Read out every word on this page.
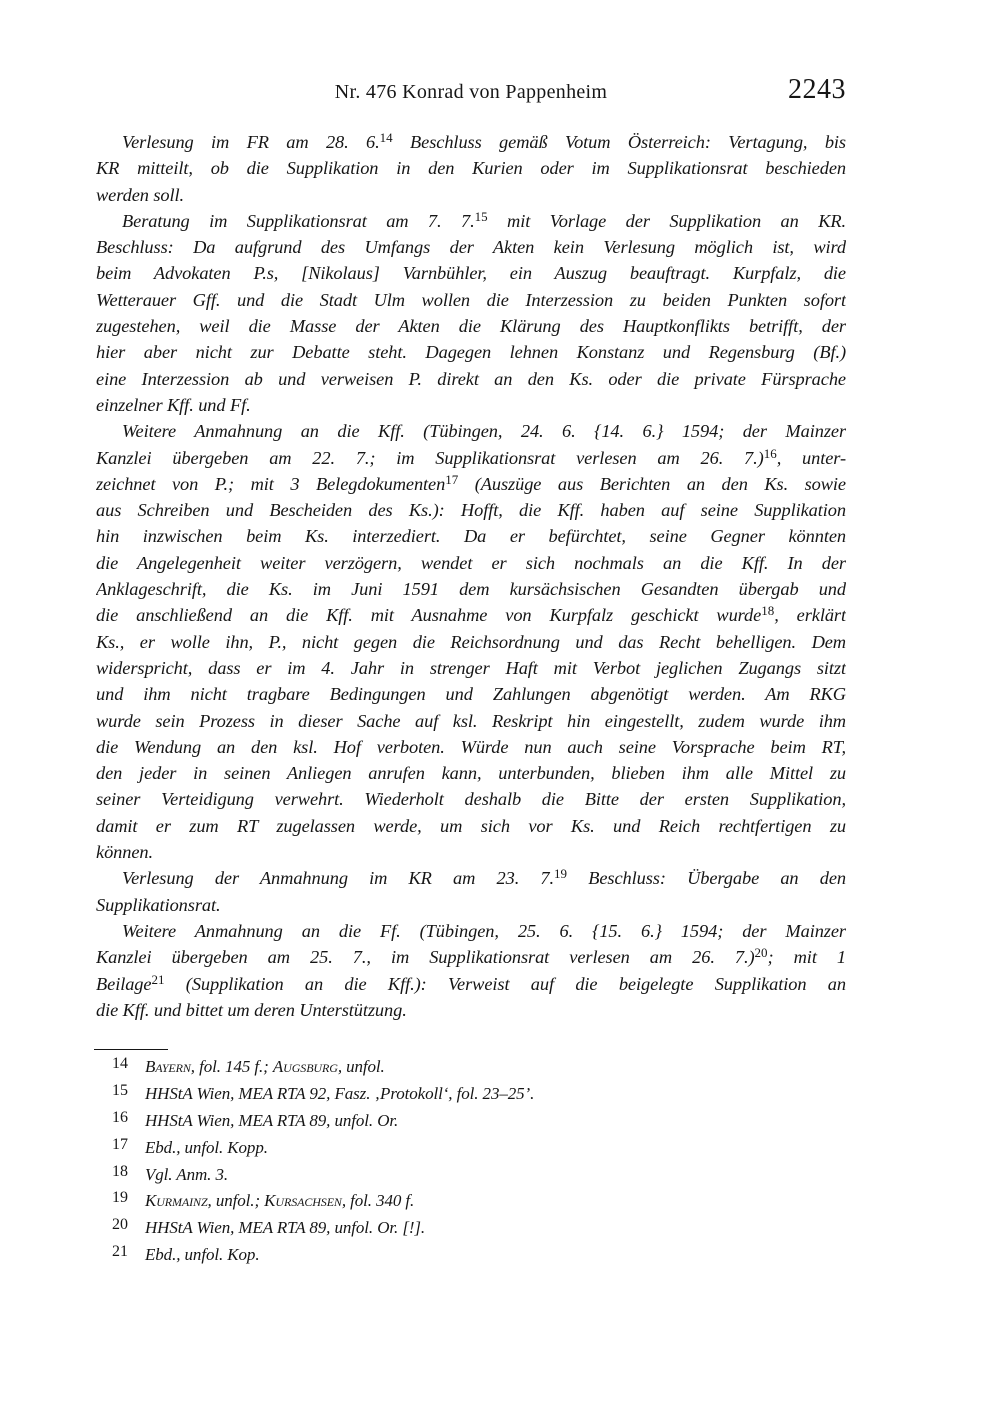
Nr. 476 Konrad von Pappenheim	2243
Verlesung im FR am 28. 6.14 Beschluss gemäß Votum Österreich: Vertagung, bis
KR mitteilt, ob die Supplikation in den Kurien oder im Supplikationsrat beschieden
werden soll.
Beratung im Supplikationsrat am 7. 7.15 mit Vorlage der Supplikation an KR.
Beschluss: Da aufgrund des Umfangs der Akten kein Verlesung möglich ist, wird
beim Advokaten P.s, [Nikolaus] Varnbühler, ein Auszug beauftragt. Kurpfalz, die
Wetterauer Gff. und die Stadt Ulm wollen die Interzession zu beiden Punkten sofort
zugestehen, weil die Masse der Akten die Klärung des Hauptkonflikts betrifft, der
hier aber nicht zur Debatte steht. Dagegen lehnen Konstanz und Regensburg (Bf.)
eine Interzession ab und verweisen P. direkt an den Ks. oder die private Fürsprache
einzelner Kff. und Ff.
Weitere Anmahnung an die Kff. (Tübingen, 24. 6. {14. 6.} 1594; der Mainzer
Kanzlei übergeben am 22. 7.; im Supplikationsrat verlesen am 26. 7.)$^{16}$, unter-
zeichnet von P.; mit 3 Belegdokumenten$^{17}$ (Auszüge aus Berichten an den Ks. sowie
aus Schreiben und Bescheiden des Ks.): Hofft, die Kff. haben auf seine Supplikation
hin inzwischen beim Ks. interzediert. Da er befürchtet, seine Gegner könnten
die Angelegenheit weiter verzögern, wendet er sich nochmals an die Kff. In der
Anklageschrift, die Ks. im Juni 1591 dem kursächsischen Gesandten übergab und
die anschließend an die Kff. mit Ausnahme von Kurpfalz geschickt wurde$^{18}$, erklärt
Ks., er wolle ihn, P., nicht gegen die Reichsordnung und das Recht behelligen. Dem
widerspricht, dass er im 4. Jahr in strenger Haft mit Verbot jeglichen Zugangs sitzt
und ihm nicht tragbare Bedingungen und Zahlungen abgenötigt werden. Am RKG
wurde sein Prozess in dieser Sache auf ksl. Reskript hin eingestellt, zudem wurde ihm
die Wendung an den ksl. Hof verboten. Würde nun auch seine Vorsprache beim RT,
den jeder in seinen Anliegen anrufen kann, unterbunden, blieben ihm alle Mittel zu
seiner Verteidigung verwehrt. Wiederholt deshalb die Bitte der ersten Supplikation,
damit er zum RT zugelassen werde, um sich vor Ks. und Reich rechtfertigen zu
können.
Verlesung der Anmahnung im KR am 23. 7.19 Beschluss: Übergabe an den
Supplikationsrat.
Weitere Anmahnung an die Ff. (Tübingen, 25. 6. {15. 6.} 1594; der Mainzer
Kanzlei übergeben am 25. 7., im Supplikationsrat verlesen am 26. 7.)$^{20}$; mit 1
Beilage$^{21}$ (Supplikation an die Kff.): Verweist auf die beigelegte Supplikation an
die Kff. und bittet um deren Unterstützung.
14 Bayern, fol. 145 f.; Augsburg, unfol.
15 HHStA Wien, MEA RTA 92, Fasz. ‚Protokoll‘, fol. 23–25’.
16 HHStA Wien, MEA RTA 89, unfol. Or.
17 Ebd., unfol. Kopp.
18 Vgl. Anm. 3.
19 Kurmainz, unfol.; Kursachsen, fol. 340 f.
20 HHStA Wien, MEA RTA 89, unfol. Or. [!].
21 Ebd., unfol. Kop.
